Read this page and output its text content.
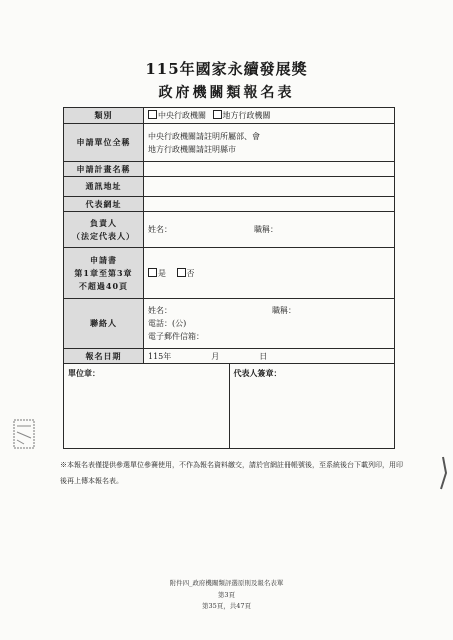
115年國家永續發展獎
政府機關類報名表
類別	中央行政機關 地方行政機關
申請單位全稱	
中央行政機關請註明所屬部、會
地方行政機關請註明縣市

申請計畫名稱	
通訊地址	
代表網址	

負責人
（法定代表人）
	姓名：	職稱：

申請書
第1章至第3章
不超過40頁
	是	否
聯絡人	
姓名：	職稱：
電話：(公)
電子郵件信箱：

報名日期	115年	月	日

單位章：	代表人簽章：
※本報名表僅提供參選單位參賽使用，不作為報名資料繳交，請於官網註冊帳號後，至系統後台下載列印，用印後再上傳本報名表。
附件四_政府機關類評選原則及報名表單
第3頁
第35頁，共47頁
